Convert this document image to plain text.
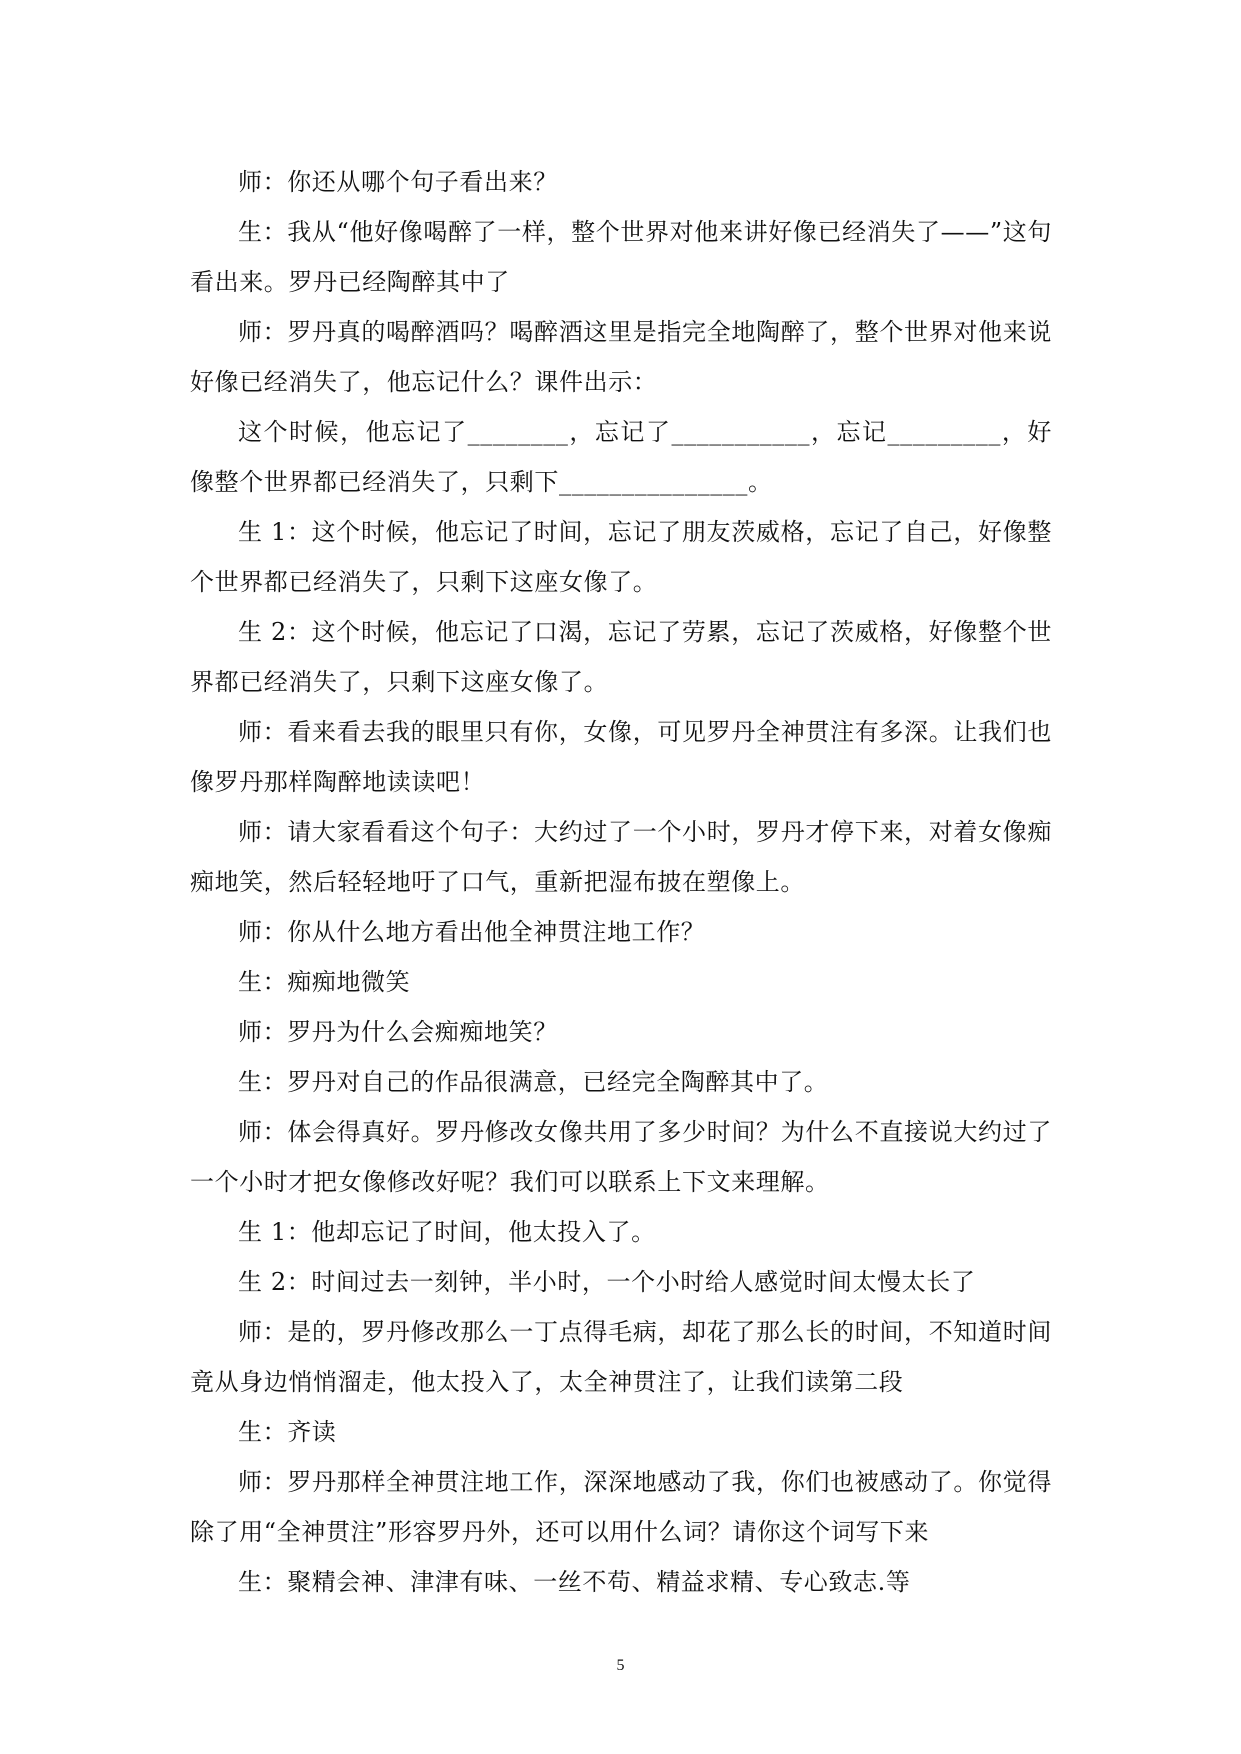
师：你还从哪个句子看出来？

生：我从“他好像喝醉了一样，整个世界对他来讲好像已经消失了——”这句看出来。罗丹已经陶醉其中了

师：罗丹真的喝醉酒吗？喝醉酒这里是指完全地陶醉了，整个世界对他来说好像已经消失了，他忘记什么？课件出示：

这个时候，他忘记了________，忘记了___________，忘记_________，好像整个世界都已经消失了，只剩下_______________。

生 1：这个时候，他忘记了时间，忘记了朋友茨威格，忘记了自己，好像整个世界都已经消失了，只剩下这座女像了。

生 2：这个时候，他忘记了口渴，忘记了劳累，忘记了茨威格，好像整个世界都已经消失了，只剩下这座女像了。

师：看来看去我的眼里只有你，女像，可见罗丹全神贯注有多深。让我们也像罗丹那样陶醉地读读吧！

师：请大家看看这个句子：大约过了一个小时，罗丹才停下来，对着女像痴痴地笑，然后轻轻地吁了口气，重新把湿布披在塑像上。

师：你从什么地方看出他全神贯注地工作？

生：痴痴地微笑

师：罗丹为什么会痴痴地笑？

生：罗丹对自己的作品很满意，已经完全陶醉其中了。

师：体会得真好。罗丹修改女像共用了多少时间？为什么不直接说大约过了一个小时才把女像修改好呢？我们可以联系上下文来理解。

生 1：他却忘记了时间，他太投入了。

生 2：时间过去一刻钟，半小时，一个小时给人感觉时间太慢太长了

师：是的，罗丹修改那么一丁点得毛病，却花了那么长的时间，不知道时间竟从身边悄悄溜走，他太投入了，太全神贯注了，让我们读第二段

生：齐读

师：罗丹那样全神贯注地工作，深深地感动了我，你们也被感动了。你觉得除了用“全神贯注”形容罗丹外，还可以用什么词？请你这个词写下来

生：聚精会神、津津有味、一丝不苟、精益求精、专心致志.等

5
